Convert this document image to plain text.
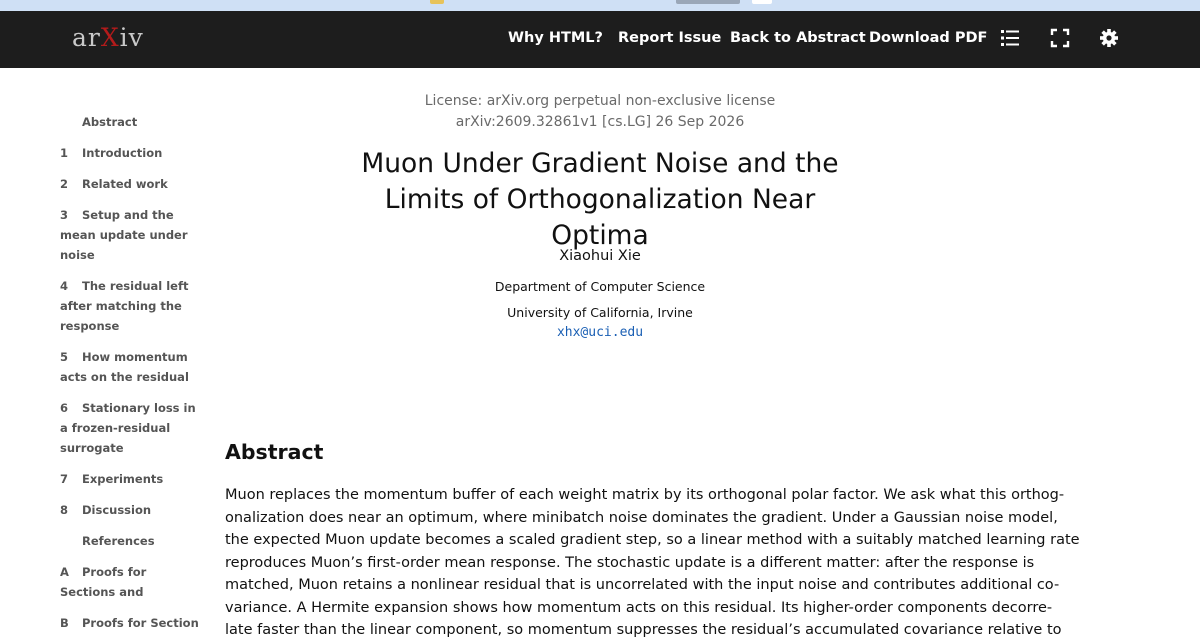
arXiv	Why HTML? Report Issue Back to Abstract Download PDF
Abstract
1 Introduction
2 Related work
3 Setup and the mean update under noise
4 The residual left after matching the response
5 How momentum acts on the residual
6 Stationary loss in a frozen-residual surrogate
7 Experiments
8 Discussion
References
A Proofs for Sections and
B Proofs for Section
License: arXiv.org perpetual non-exclusive license
arXiv:2609.32861v1 [cs.LG] 26 Sep 2026
Muon Under Gradient Noise and the
Limits of Orthogonalization Near Optima
Xiaohui Xie
Department of Computer Science
University of California, Irvine
xhx@uci.edu
Abstract
Muon replaces the momentum buffer of each weight matrix by its orthogonal polar factor. We ask what this orthog-
onalization does near an optimum, where minibatch noise dominates the gradient. Under a Gaussian noise model,
the expected Muon update becomes a scaled gradient step, so a linear method with a suitably matched learning rate
reproduces Muon’s first-order mean response. The stochastic update is a different matter: after the response is
matched, Muon retains a nonlinear residual that is uncorrelated with the input noise and contributes additional co-
variance. A Hermite expansion shows how momentum acts on this residual. Its higher-order components decorre-
late faster than the linear component, so momentum suppresses the residual’s accumulated covariance relative to
